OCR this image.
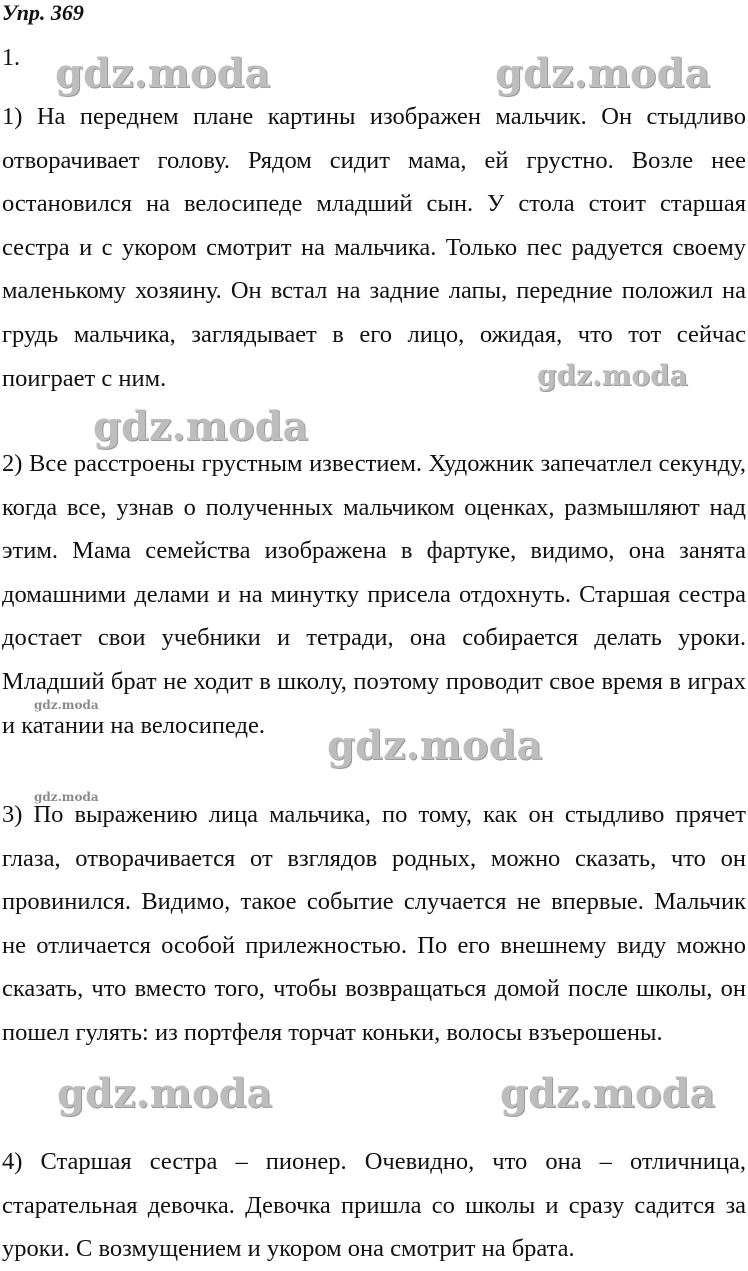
Упр. 369
1.

1) На переднем плане картины изображен мальчик. Он стыдливо отворачивает голову. Рядом сидит мама, ей грустно. Возле нее остановился на велосипеде младший сын. У стола стоит старшая сестра и с укором смотрит на мальчика. Только пес радуется своему маленькому хозяину. Он встал на задние лапы, передние положил на грудь мальчика, заглядывает в его лицо, ожидая, что тот сейчас поиграет с ним.

2) Все расстроены грустным известием. Художник запечатлел секунду, когда все, узнав о полученных мальчиком оценках, размышляют над этим. Мама семейства изображена в фартуке, видимо, она занята домашними делами и на минутку присела отдохнуть. Старшая сестра достает свои учебники и тетради, она собирается делать уроки. Младший брат не ходит в школу, поэтому проводит свое время в играх и катании на велосипеде.

3) По выражению лица мальчика, по тому, как он стыдливо прячет глаза, отворачивается от взглядов родных, можно сказать, что он провинился. Видимо, такое событие случается не впервые. Мальчик не отличается особой прилежностью. По его внешнему виду можно сказать, что вместо того, чтобы возвращаться домой после школы, он пошел гулять: из портфеля торчат коньки, волосы взъерошены.

4) Старшая сестра – пионер. Очевидно, что она – отличница, старательная девочка. Девочка пришла со школы и сразу садится за уроки. С возмущением и укором она смотрит на брата.

gdz.moda	gdz.moda
gdz.moda
gdz.moda
gdz.moda
gdz.moda
gdz.moda
gdz.moda	gdz.moda
